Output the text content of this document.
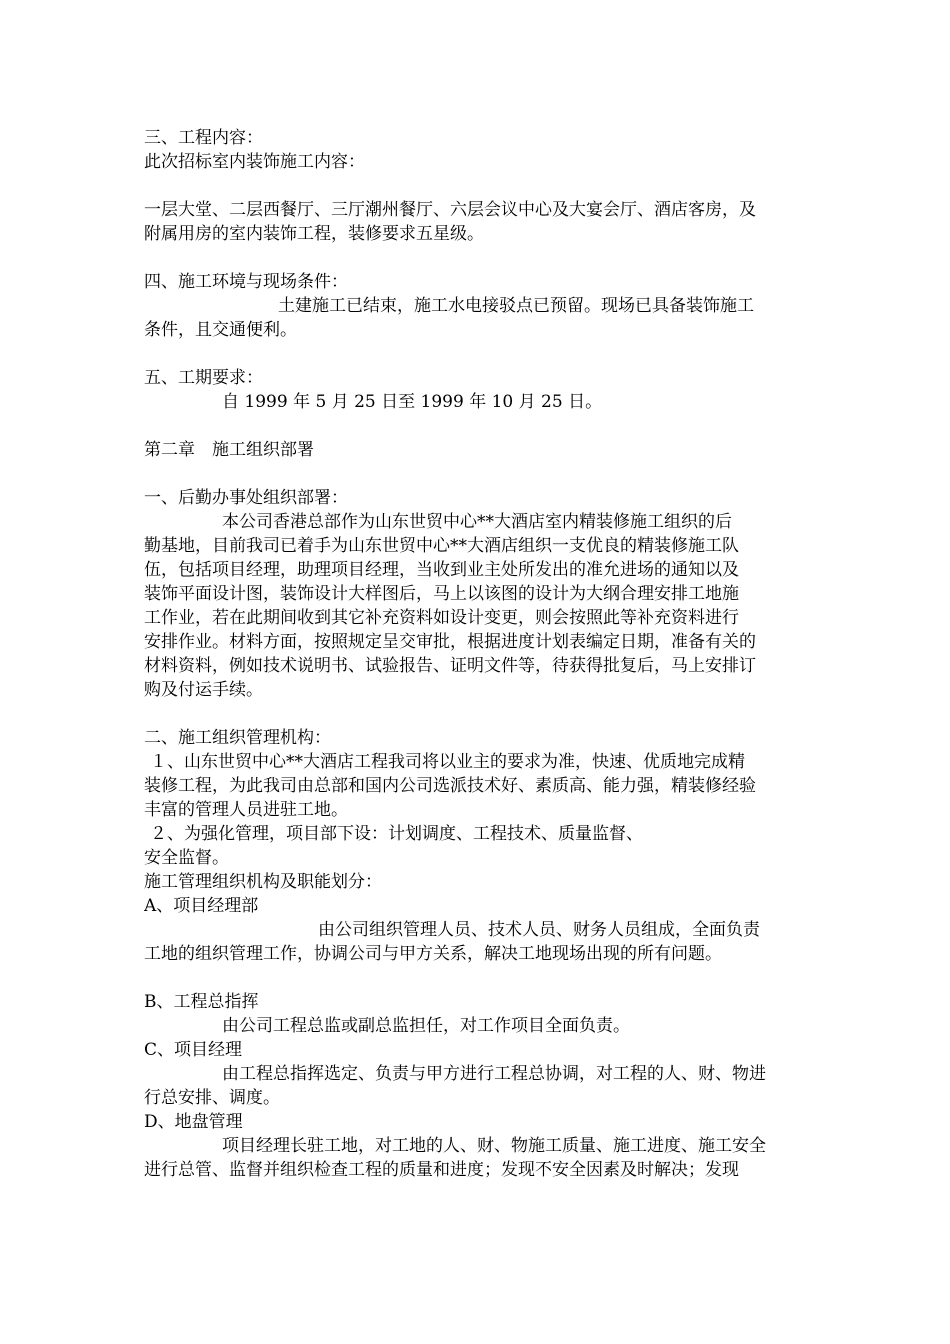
三、工程内容：
此次招标室内装饰施工内容：
一层大堂、二层西餐厅、三厅潮州餐厅、六层会议中心及大宴会厅、酒店客房，及
附属用房的室内装饰工程，装修要求五星级。
四、施工环境与现场条件：
土建施工已结束，施工水电接驳点已预留。现场已具备装饰施工
条件，且交通便利。
五、工期要求：
自 1999 年 5 月 25 日至 1999 年 10 月 25 日。
第二章　施工组织部署
一、后勤办事处组织部署：
本公司香港总部作为山东世贸中心**大酒店室内精装修施工组织的后
勤基地，目前我司已着手为山东世贸中心**大酒店组织一支优良的精装修施工队
伍，包括项目经理，助理项目经理，当收到业主处所发出的准允进场的通知以及
装饰平面设计图，装饰设计大样图后，马上以该图的设计为大纲合理安排工地施
工作业，若在此期间收到其它补充资料如设计变更，则会按照此等补充资料进行
安排作业。材料方面，按照规定呈交审批，根据进度计划表编定日期，准备有关的
材料资料，例如技术说明书、试验报告、证明文件等，待获得批复后，马上安排订
购及付运手续。
二、施工组织管理机构：
１、山东世贸中心**大酒店工程我司将以业主的要求为准，快速、优质地完成精
装修工程，为此我司由总部和国内公司选派技术好、素质高、能力强，精装修经验
丰富的管理人员进驻工地。
２、为强化管理，项目部下设：计划调度、工程技术、质量监督、
安全监督。
施工管理组织机构及职能划分：
A、项目经理部
由公司组织管理人员、技术人员、财务人员组成，全面负责
工地的组织管理工作，协调公司与甲方关系，解决工地现场出现的所有问题。
B、工程总指挥
由公司工程总监或副总监担任，对工作项目全面负责。
C、项目经理
由工程总指挥选定、负责与甲方进行工程总协调，对工程的人、财、物进
行总安排、调度。
D、地盘管理
项目经理长驻工地，对工地的人、财、物施工质量、施工进度、施工安全
进行总管、监督并组织检查工程的质量和进度；发现不安全因素及时解决；发现
